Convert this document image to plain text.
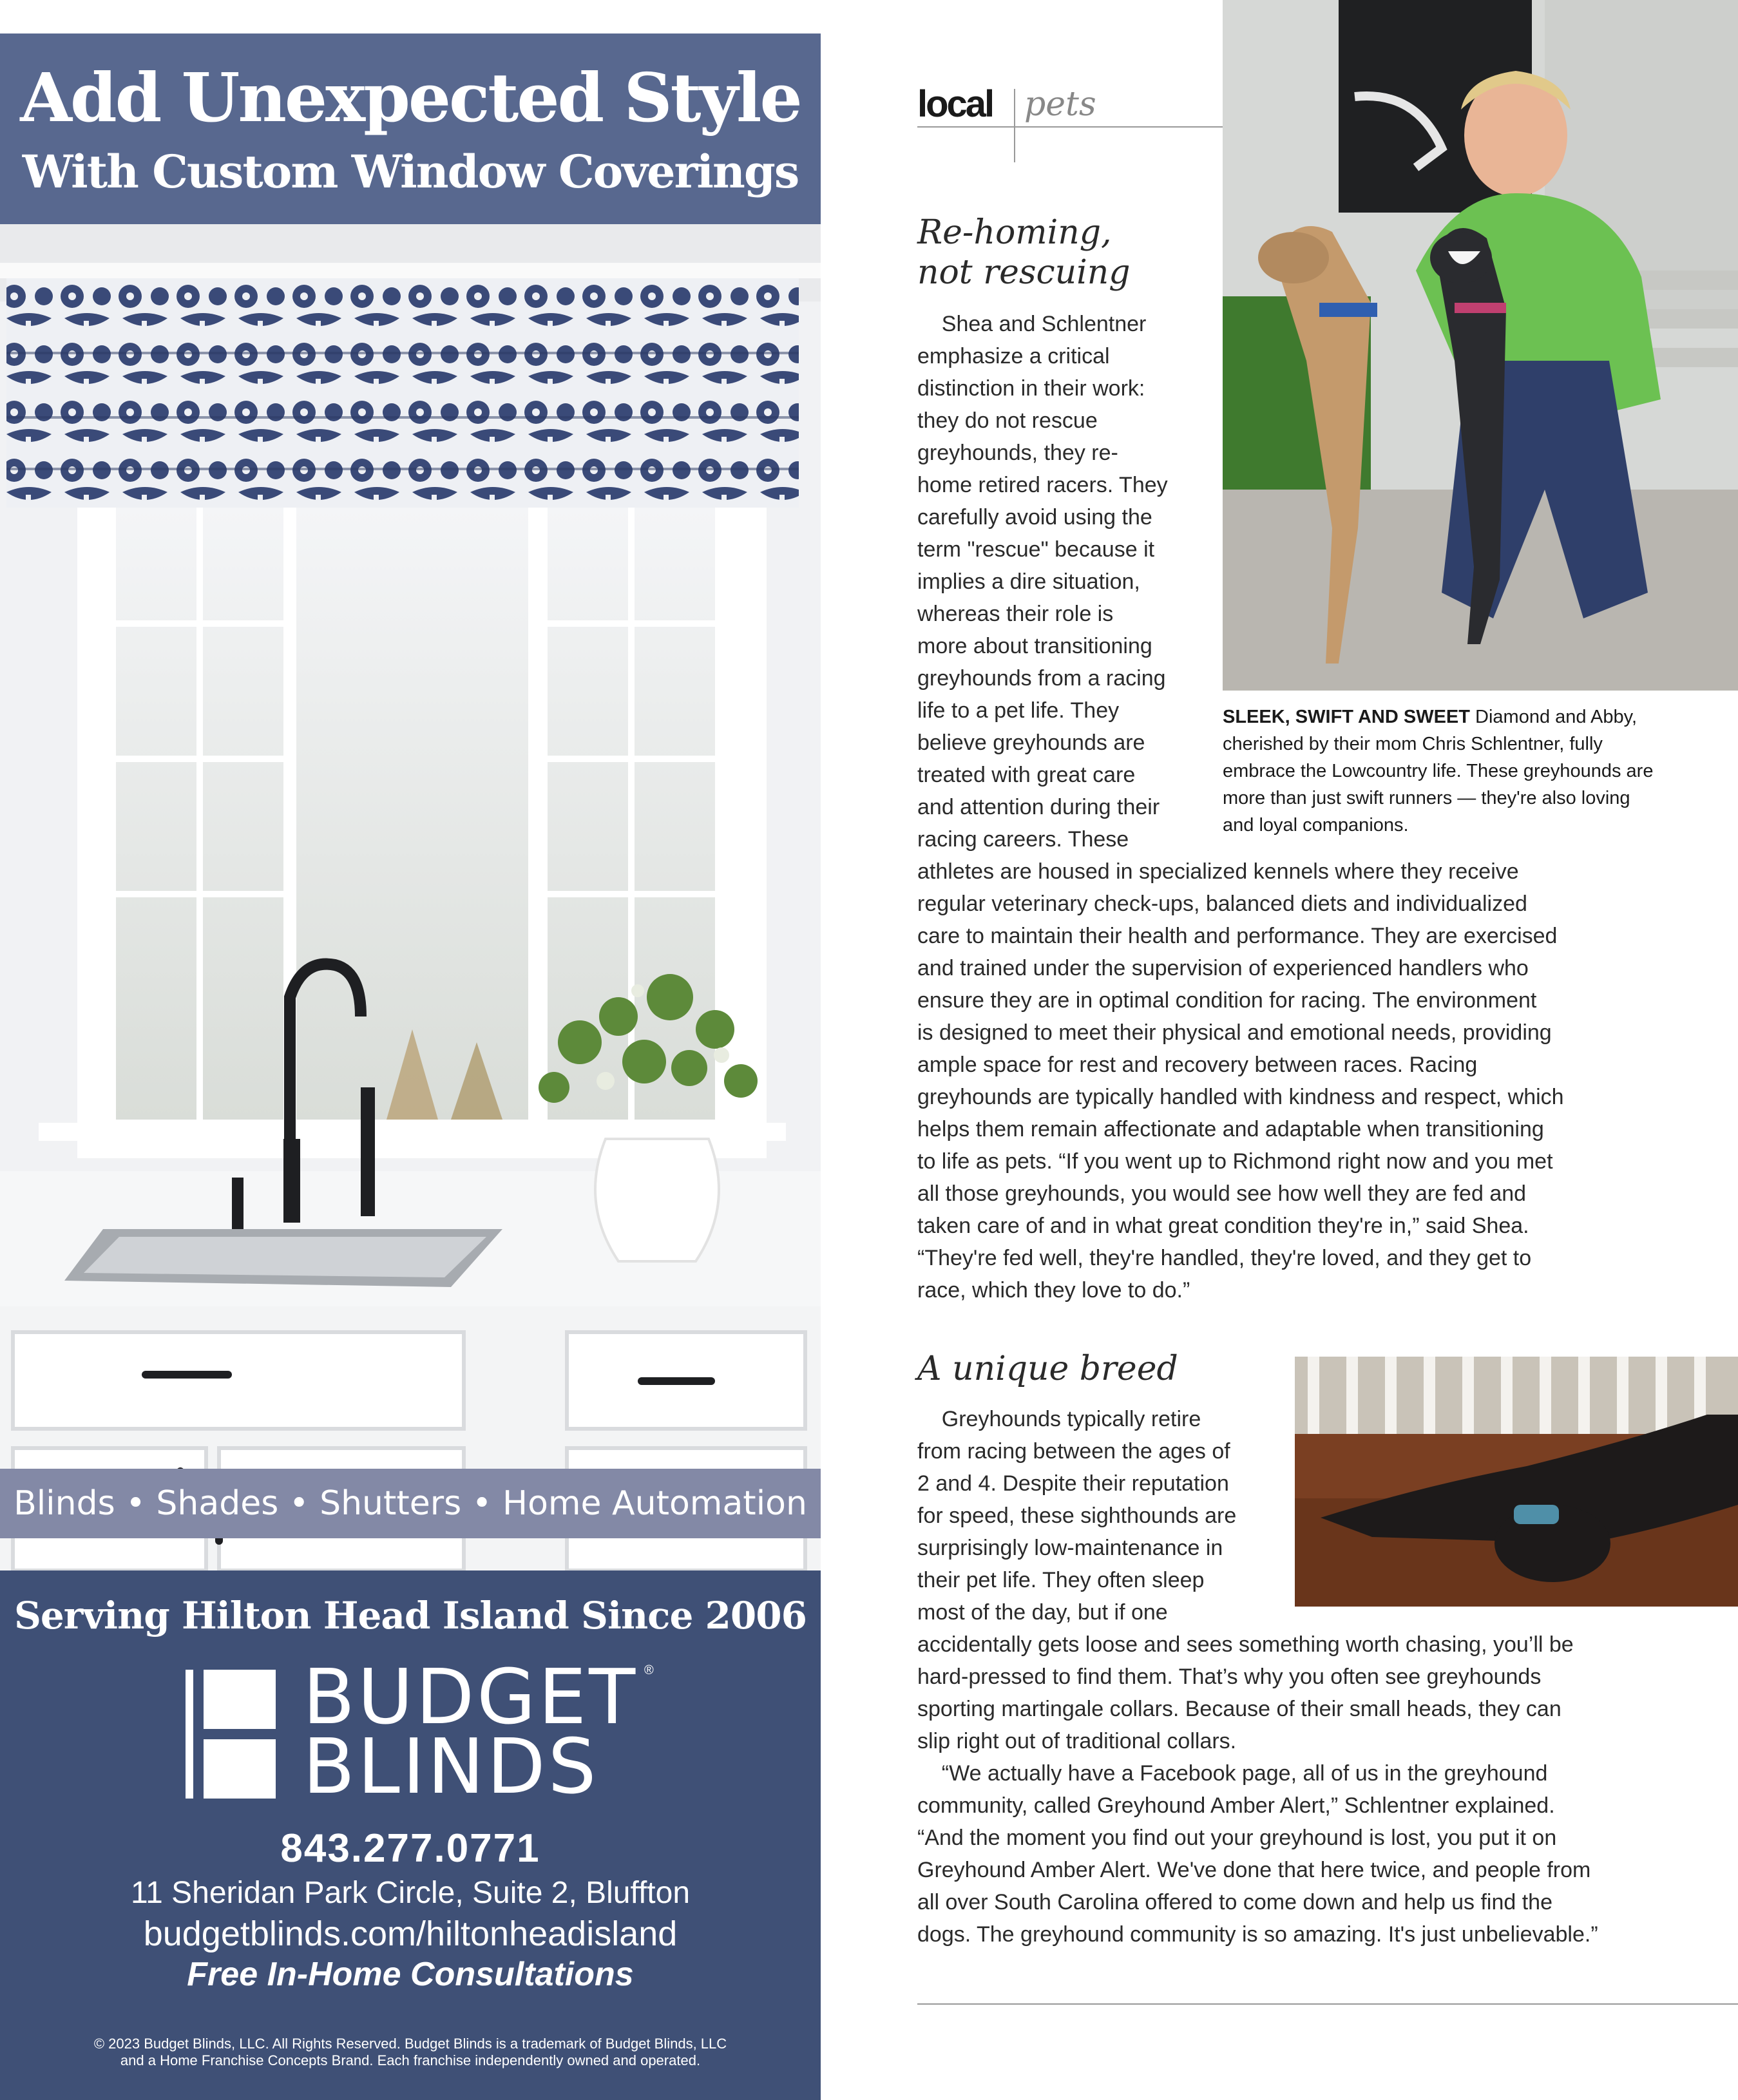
Add Unexpected Style
With Custom Window Coverings
Blinds • Shades • Shutters • Home Automation
Serving Hilton Head Island Since 2006
BUDGET
BLINDS
®
843.277.0771
11 Sheridan Park Circle, Suite 2, Bluffton
budgetblinds.com/hiltonheadisland
Free In-Home Consultations
© 2023 Budget Blinds, LLC. All Rights Reserved. Budget Blinds is a trademark of Budget Blinds, LLC
and a Home Franchise Concepts Brand. Each franchise independently owned and operated.
local pets
Re-homing,
not rescuing
Shea and Schlentner
emphasize a critical
distinction in their work:
they do not rescue
greyhounds, they re-
home retired racers. They
carefully avoid using the
term "rescue" because it
implies a dire situation,
whereas their role is
more about transitioning
greyhounds from a racing
life to a pet life. They
believe greyhounds are
treated with great care
and attention during their
racing careers. These
athletes are housed in specialized kennels where they receive
regular veterinary check-ups, balanced diets and individualized
care to maintain their health and performance. They are exercised
and trained under the supervision of experienced handlers who
ensure they are in optimal condition for racing. The environment
is designed to meet their physical and emotional needs, providing
ample space for rest and recovery between races. Racing
greyhounds are typically handled with kindness and respect, which
helps them remain affectionate and adaptable when transitioning
to life as pets. “If you went up to Richmond right now and you met
all those greyhounds, you would see how well they are fed and
taken care of and in what great condition they're in,” said Shea.
“They're fed well, they're handled, they're loved, and they get to
race, which they love to do.”
SLEEK, SWIFT AND SWEET Diamond and Abby,
cherished by their mom Chris Schlentner, fully
embrace the Lowcountry life. These greyhounds are
more than just swift runners — they're also loving
and loyal companions.
A unique breed
Greyhounds typically retire
from racing between the ages of
2 and 4. Despite their reputation
for speed, these sighthounds are
surprisingly low-maintenance in
their pet life. They often sleep
most of the day, but if one
accidentally gets loose and sees something worth chasing, you’ll be
hard-pressed to find them. That’s why you often see greyhounds
sporting martingale collars. Because of their small heads, they can
slip right out of traditional collars.
“We actually have a Facebook page, all of us in the greyhound
community, called Greyhound Amber Alert,” Schlentner explained.
“And the moment you find out your greyhound is lost, you put it on
Greyhound Amber Alert. We've done that here twice, and people from
all over South Carolina offered to come down and help us find the
dogs. The greyhound community is so amazing. It's just unbelievable.”
